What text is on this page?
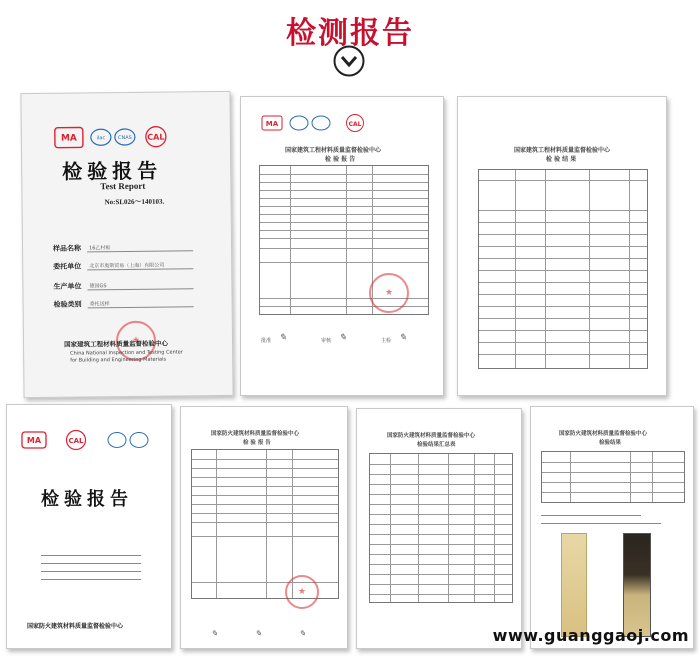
检测报告
MA	ilac	CNAS CAL
检验报告
Test Report
No:SL026～140103.
样品名称 16乙村板
委托单位 北京市奥斯贸易（上海）有限公司
生产单位 德国GS
检验类别 委托送样
★
国家建筑工程材料质量监督检验中心
China National Inspection and Testing Center
for Building and Engineering Materials
MA	CAL
国家建筑工程材料质量监督检验中心
检 验 报 告
★
批准 ✎	审核 ✎	主检 ✎
国家建筑工程材料质量监督检验中心
检 验 结 果
MA	CAL
检验报告
国家防火建筑材料质量监督检验中心
国家防火建筑材料质量监督检验中心
检 验 报 告
★
✎	✎	✎
国家防火建筑材料质量监督检验中心
检验结果汇总表
国家防火建筑材料质量监督检验中心
检验结果
www.guanggaoj.com
